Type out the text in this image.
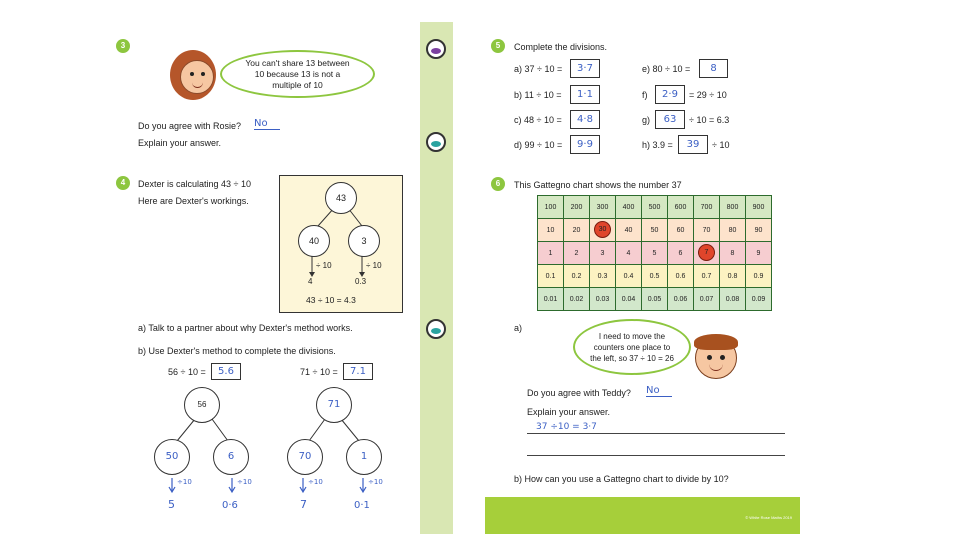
3
You can't share 13 between 10 because 13 is not a multiple of 10
Do you agree with Rosie? No
Explain your answer.
4	Dexter is calculating 43 ÷ 10
Here are Dexter's workings.	43
40	3
÷ 10	÷ 10
4	0.3
43 ÷ 10 = 4.3
a) Talk to a partner about why Dexter's method works.
b) Use Dexter's method to complete the divisions.
56 ÷ 10 =	5.6
56
50	6
÷10	÷10
5	0·6
71 ÷ 10 =	7.1
71
70	1
÷10	÷10
7	0·1
5	Complete the divisions.
a) 37 ÷ 10 =	3·7
b) 11 ÷ 10 =	1·1
c) 48 ÷ 10 =	4·8
d) 99 ÷ 10 =	9·9
e) 80 ÷ 10 =	8
f)	2·9	= 29 ÷ 10
g)	63	÷ 10 = 6.3
h) 3.9 =	39	÷ 10
6	This Gattegno chart shows the number 37
100	200	300	400	500	600	700	800	900
10	20	30	40	50	60	70	80	90
1	2	3	4	5	6	7	8	9
0.1	0.2	0.3	0.4	0.5	0.6	0.7	0.8	0.9
0.01	0.02	0.03	0.04	0.05	0.06	0.07	0.08	0.09
a)
I need to move the counters one place to the left, so 37 ÷ 10 = 26
Do you agree with Teddy? No
Explain your answer.
37 ÷10 = 3·7
b) How can you use a Gattegno chart to divide by 10?
© White Rose Maths 2019
